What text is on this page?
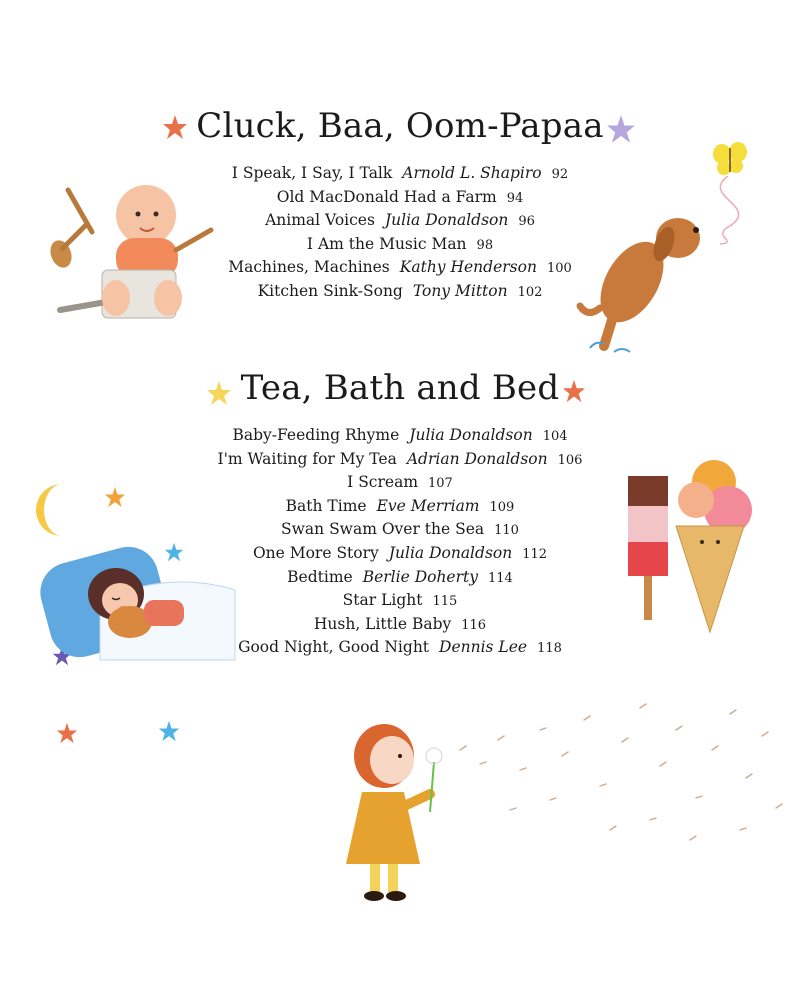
Cluck, Baa, Oom-Papaa
I Speak, I Say, I Talk Arnold L. Shapiro 92
Old MacDonald Had a Farm 94
Animal Voices Julia Donaldson 96
I Am the Music Man 98
Machines, Machines Kathy Henderson 100
Kitchen Sink-Song Tony Mitton 102
Tea, Bath and Bed
Baby-Feeding Rhyme Julia Donaldson 104
I'm Waiting for My Tea Adrian Donaldson 106
I Scream 107
Bath Time Eve Merriam 109
Swan Swam Over the Sea 110
One More Story Julia Donaldson 112
Bedtime Berlie Doherty 114
Star Light 115
Hush, Little Baby 116
Good Night, Good Night Dennis Lee 118
